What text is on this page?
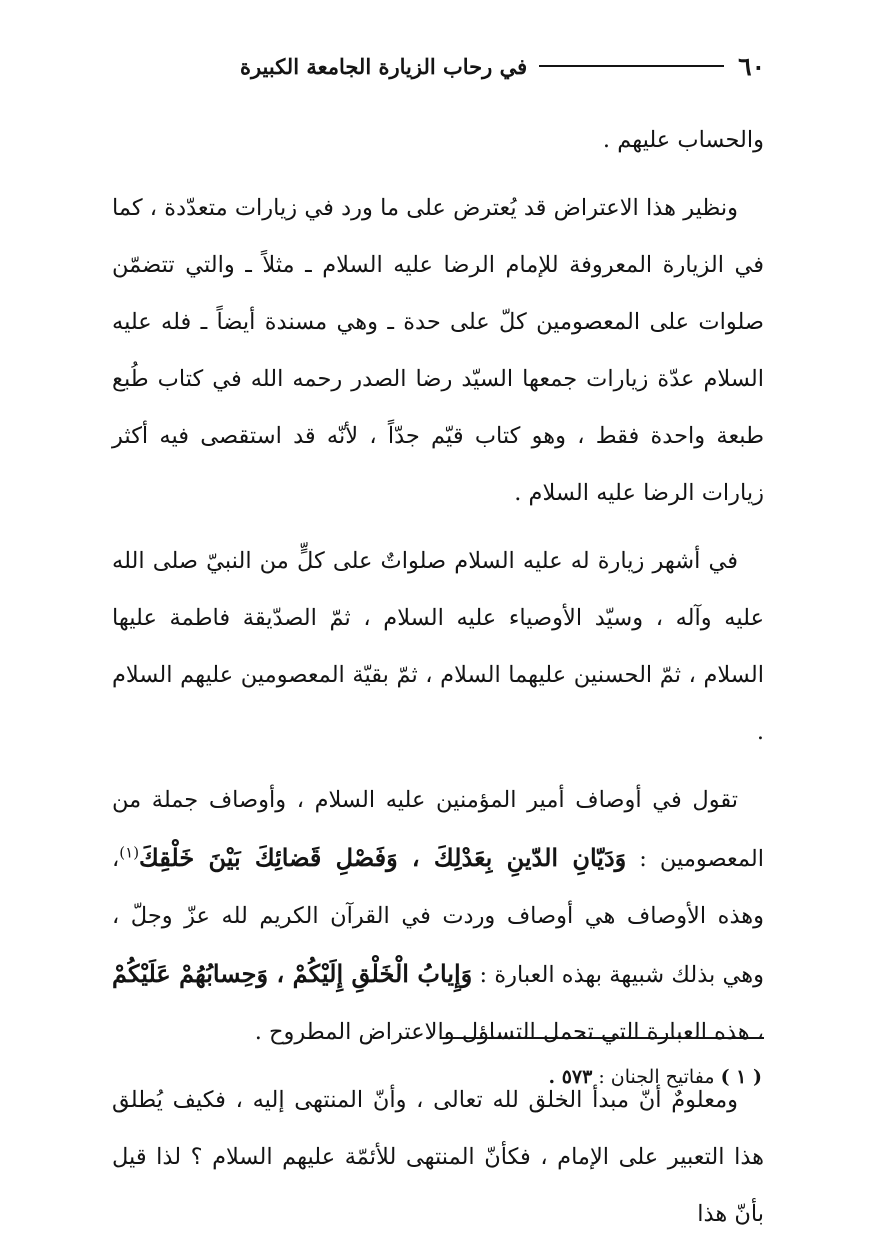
٦٠
في رحاب الزيارة الجامعة الكبيرة

والحساب عليهم .

ونظير هذا الاعتراض قد يُعترض على ما ورد في زيارات متعدّدة ، كما في الزيارة المعروفة للإمام الرضا عليه السلام ـ مثلاً ـ والتي تتضمّن صلوات على المعصومين كلّ على حدة ـ وهي مسندة أيضاً ـ فله عليه السلام عدّة زيارات جمعها السيّد رضا الصدر رحمه الله في كتاب طُبع طبعة واحدة فقط ، وهو كتاب قيّم جدّاً ، لأنّه قد استقصى فيه أكثر زيارات الرضا عليه السلام .

في أشهر زيارة له عليه السلام صلواتٌ على كلٍّ من النبيّ صلى الله عليه وآله ، وسيّد الأوصياء عليه السلام ، ثمّ الصدّيقة فاطمة عليها السلام ، ثمّ الحسنين عليهما السلام ، ثمّ بقيّة المعصومين عليهم السلام .

تقول في أوصاف أمير المؤمنين عليه السلام ، وأوصاف جملة من المعصومين : وَدَيّانِ الدّينِ بِعَدْلِكَ ، وَفَصْلِ قَضائِكَ بَيْنَ خَلْقِكَ$^{(١)}$، وهذه الأوصاف هي أوصاف وردت في القرآن الكريم لله عزّ وجلّ ، وهي بذلك شبيهة بهذه العبارة : وَإِيابُ الْخَلْقِ إِلَيْكُمْ ، وَحِسابُهُمْ عَلَيْكُمْ ، هذه العبارة التي تحمل التساؤل والاعتراض المطروح .

ومعلومٌ أنّ مبدأ الخلق لله تعالى ، وأنّ المنتهى إليه ، فكيف يُطلق هذا التعبير على الإمام ، فكأنّ المنتهى للأئمّة عليهم السلام ؟ لذا قيل بأنّ هذا

( ١ ) مفاتيح الجنان : ٥٧٣ .
